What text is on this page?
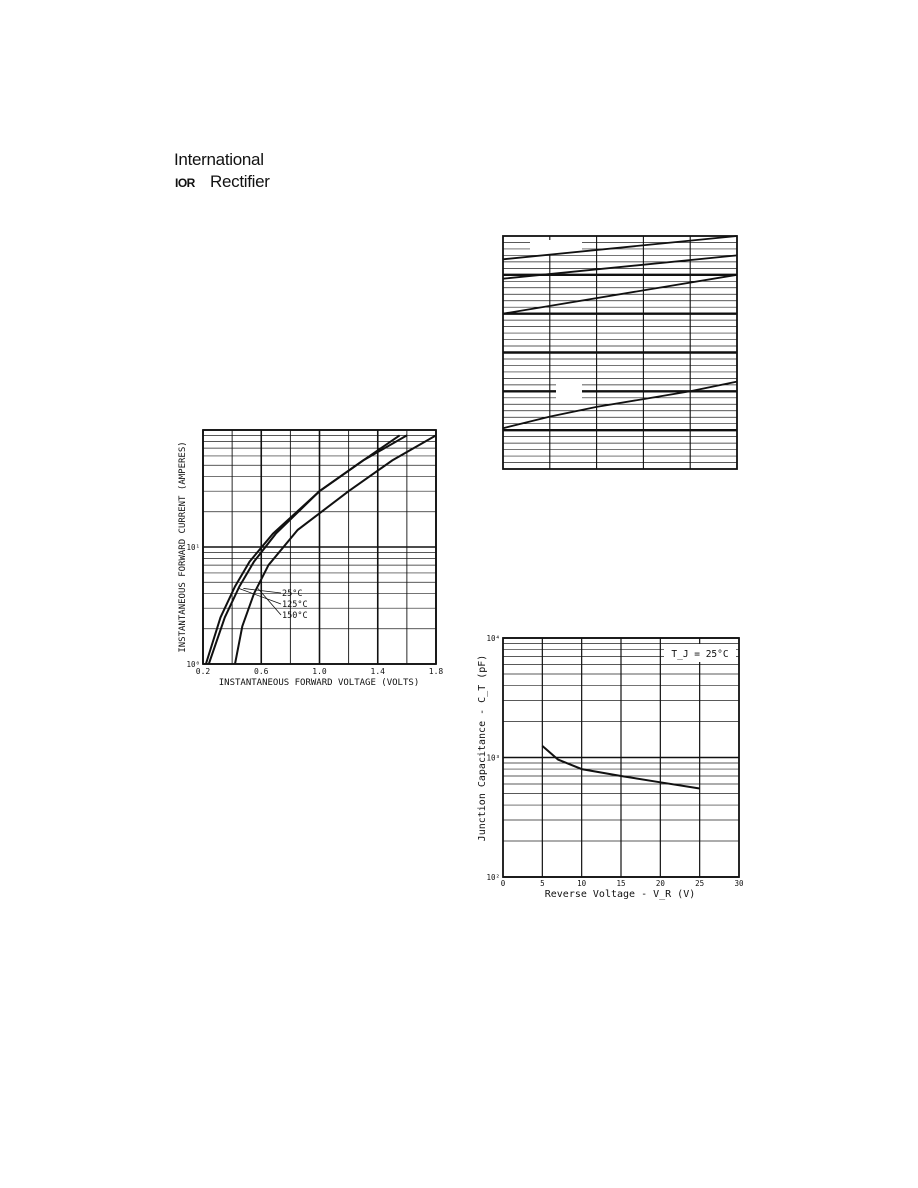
International
IOR Rectifier
25°C
125°C
150°C
0.2	0.6	1.0	1.4	1.8
10⁰
10¹
INSTANTANEOUS FORWARD VOLTAGE (VOLTS)
INSTANTANEOUS FORWARD CURRENT (AMPERES)
T_J = 25°C
0	5	10	15	20	25	30
10²
10³
10⁴
Reverse Voltage - V_R (V)
Junction Capacitance - C_T (pF)
